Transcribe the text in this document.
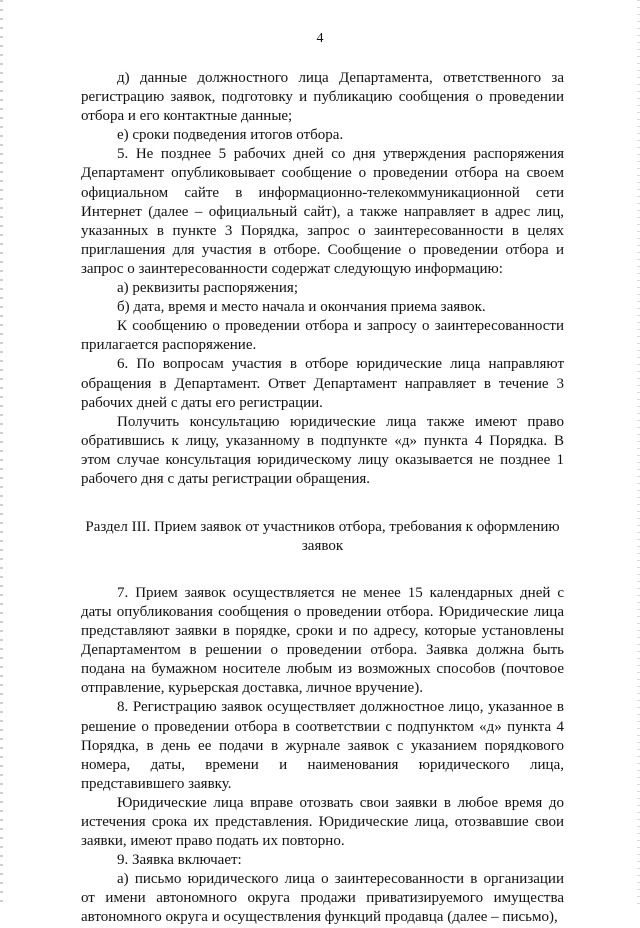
4

д) данные должностного лица Департамента, ответственного за регистрацию заявок, подготовку и публикацию сообщения о проведении отбора и его контактные данные;

е) сроки подведения итогов отбора.

5. Не позднее 5 рабочих дней со дня утверждения распоряжения Департамент опубликовывает сообщение о проведении отбора на своем официальном сайте в информационно-телекоммуникационной сети Интернет (далее – официальный сайт), а также направляет в адрес лиц, указанных в пункте 3 Порядка, запрос о заинтересованности в целях приглашения для участия в отборе. Сообщение о проведении отбора и запрос о заинтересованности содержат следующую информацию:

а) реквизиты распоряжения;

б) дата, время и место начала и окончания приема заявок.

К сообщению о проведении отбора и запросу о заинтересованности прилагается распоряжение.

6. По вопросам участия в отборе юридические лица направляют обращения в Департамент. Ответ Департамент направляет в течение 3 рабочих дней с даты его регистрации.

Получить консультацию юридические лица также имеют право обратившись к лицу, указанному в подпункте «д» пункта 4 Порядка. В этом случае консультация юридическому лицу оказывается не позднее 1 рабочего дня с даты регистрации обращения.

Раздел III. Прием заявок от участников отбора, требования к оформлению заявок

7. Прием заявок осуществляется не менее 15 календарных дней с даты опубликования сообщения о проведении отбора. Юридические лица представляют заявки в порядке, сроки и по адресу, которые установлены Департаментом в решении о проведении отбора. Заявка должна быть подана на бумажном носителе любым из возможных способов (почтовое отправление, курьерская доставка, личное вручение).

8. Регистрацию заявок осуществляет должностное лицо, указанное в решение о проведении отбора в соответствии с подпунктом «д» пункта 4 Порядка, в день ее подачи в журнале заявок с указанием порядкового номера, даты, времени и наименования юридического лица, представившего заявку.

Юридические лица вправе отозвать свои заявки в любое время до истечения срока их представления. Юридические лица, отозвавшие свои заявки, имеют право подать их повторно.

9. Заявка включает:

а) письмо юридического лица о заинтересованности в организации от имени автономного округа продажи приватизируемого имущества автономного округа и осуществления функций продавца (далее – письмо),
